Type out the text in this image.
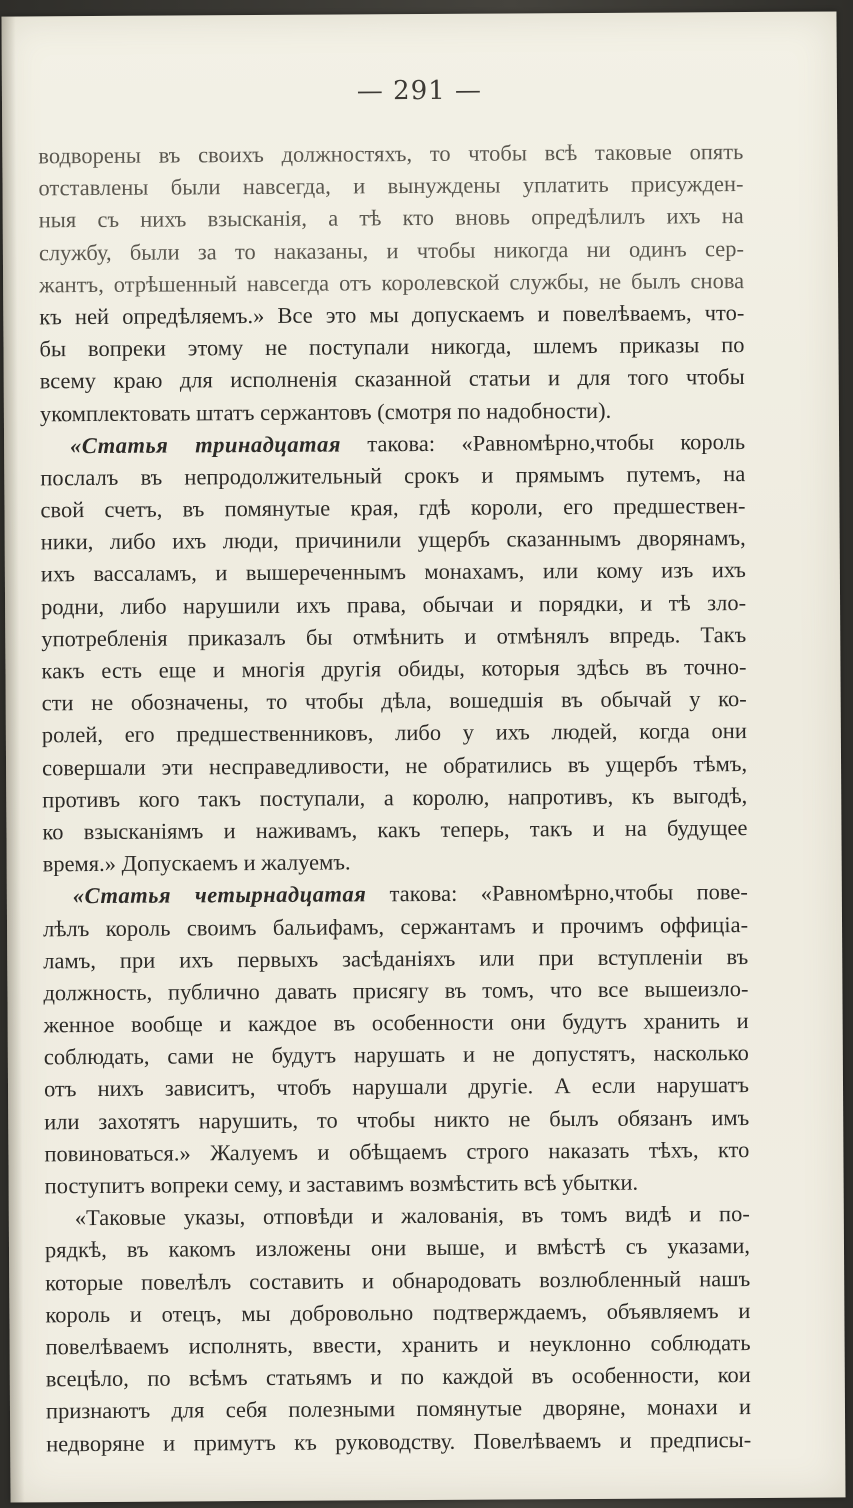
— 291 —
водворены въ своихъ должностяхъ, то чтобы всѣ таковые опять
отставлены были навсегда, и вынуждены уплатить присужден-
ныя съ нихъ взысканія, а тѣ кто вновь опредѣлилъ ихъ на
службу, были за то наказаны, и чтобы никогда ни одинъ сер-
жантъ, отрѣшенный навсегда отъ королевской службы, не былъ снова
къ ней опредѣляемъ.» Все это мы допускаемъ и повелѣваемъ, что-
бы вопреки этому не поступали никогда, шлемъ приказы по
всему краю для исполненія сказанной статьи и для того чтобы
укомплектовать штатъ сержантовъ (смотря по надобности).
«Статья тринадцатая такова: «Равномѣрно,чтобы король
послалъ въ непродолжительный срокъ и прямымъ путемъ, на
свой счетъ, въ помянутые края, гдѣ короли, его предшествен-
ники, либо ихъ люди, причинили ущербъ сказаннымъ дворянамъ,
ихъ вассаламъ, и вышереченнымъ монахамъ, или кому изъ ихъ
родни, либо нарушили ихъ права, обычаи и порядки, и тѣ зло-
употребленія приказалъ бы отмѣнить и отмѣнялъ впредь. Такъ
какъ есть еще и многія другія обиды, которыя здѣсь въ точно-
сти не обозначены, то чтобы дѣла, вошедшія въ обычай у ко-
ролей, его предшественниковъ, либо у ихъ людей, когда они
совершали эти несправедливости, не обратились въ ущербъ тѣмъ,
противъ кого такъ поступали, а королю, напротивъ, къ выгодѣ,
ко взысканіямъ и наживамъ, какъ теперь, такъ и на будущее
время.» Допускаемъ и жалуемъ.
«Статья четырнадцатая такова: «Равномѣрно,чтобы пове-
лѣлъ король своимъ бальифамъ, сержантамъ и прочимъ оффиціа-
ламъ, при ихъ первыхъ засѣданіяхъ или при вступленіи въ
должность, публично давать присягу въ томъ, что все вышеизло-
женное вообще и каждое въ особенности они будутъ хранить и
соблюдать, сами не будутъ нарушать и не допустятъ, насколько
отъ нихъ зависитъ, чтобъ нарушали другіе. А если нарушатъ
или захотятъ нарушить, то чтобы никто не былъ обязанъ имъ
повиноваться.» Жалуемъ и обѣщаемъ строго наказать тѣхъ, кто
поступитъ вопреки сему, и заставимъ возмѣстить всѣ убытки.
«Таковые указы, отповѣди и жалованія, въ томъ видѣ и по-
рядкѣ, въ какомъ изложены они выше, и вмѣстѣ съ указами,
которые повелѣлъ составить и обнародовать возлюбленный нашъ
король и отецъ, мы добровольно подтверждаемъ, объявляемъ и
повелѣваемъ исполнять, ввести, хранить и неуклонно соблюдать
всецѣло, по всѣмъ статьямъ и по каждой въ особенности, кои
признаютъ для себя полезными помянутые дворяне, монахи и
недворяне и примутъ къ руководству. Повелѣваемъ и предписы-
